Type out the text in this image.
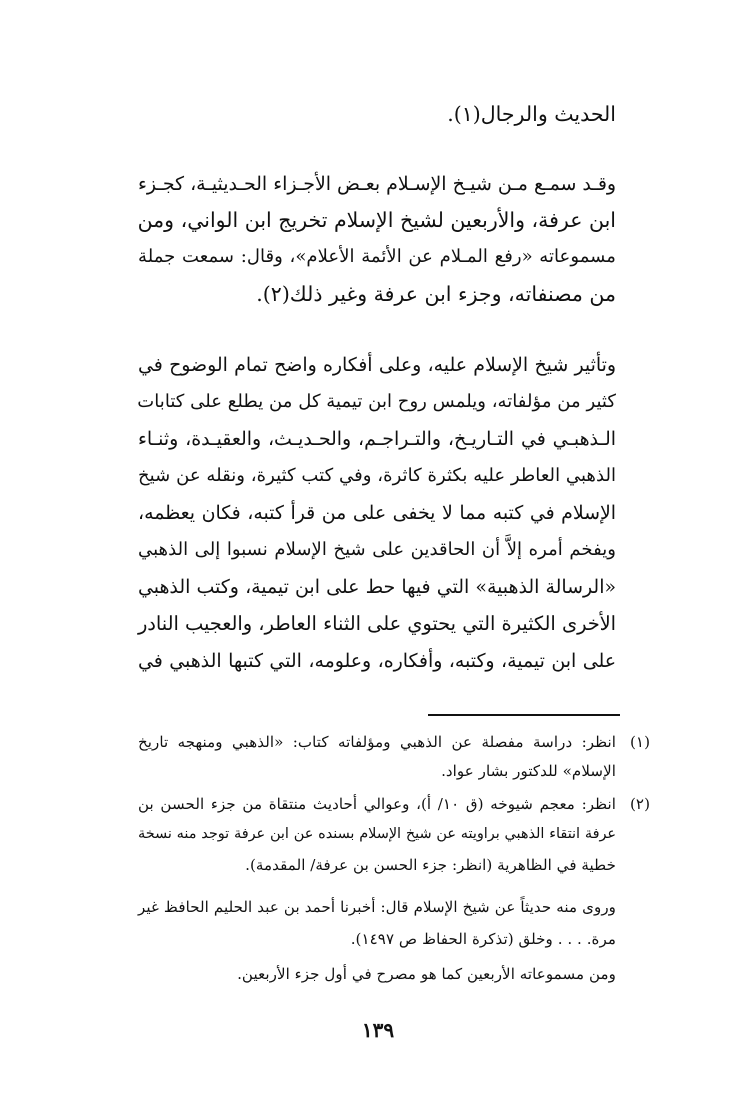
الحديث والرجال(١).
وقـد سمـع مـن شيـخ الإسـلام بعـض الأجـزاء الحـديثيـة، كجـزء
ابن عرفة، والأربعين لشيخ الإسلام تخريج ابن الواني، ومن
مسموعاته «رفع المـلام عن الأئمة الأعلام»، وقال: سمعت جملة
من مصنفاته، وجزء ابن عرفة وغير ذلك(٢).
وتأثير شيخ الإسلام عليه، وعلى أفكاره واضح تمام الوضوح في
كثير من مؤلفاته، ويلمس روح ابن تيمية كل من يطلع على كتابات
الـذهبـي في التـاريـخ، والتـراجـم، والحـديـث، والعقيـدة، وثنـاء
الذهبي العاطر عليه بكثرة كاثرة، وفي كتب كثيرة، ونقله عن شيخ
الإسلام في كتبه مما لا يخفى على من قرأ كتبه، فكان يعظمه،
ويفخم أمره إلاَّ أن الحاقدين على شيخ الإسلام نسبوا إلى الذهبي
«الرسالة الذهبية» التي فيها حط على ابن تيمية، وكتب الذهبي
الأخرى الكثيرة التي يحتوي على الثناء العاطر، والعجيب النادر
على ابن تيمية، وكتبه، وأفكاره، وعلومه، التي كتبها الذهبي في
(١)
انظر: دراسة مفصلة عن الذهبي ومؤلفاته كتاب: «الذهبي ومنهجه تاريخ
الإسلام» للدكتور بشار عواد.
(٢)
انظر: معجم شيوخه (ق ١٠/ أ)، وعوالي أحاديث منتقاة من جزء الحسن بن
عرفة انتقاء الذهبي براويته عن شيخ الإسلام بسنده عن ابن عرفة توجد منه نسخة
خطية في الظاهرية (انظر: جزء الحسن بن عرفة/ المقدمة).
وروى منه حديثاً عن شيخ الإسلام قال: أخبرنا أحمد بن عبد الحليم الحافظ غير
مرة. . . . وخلق (تذكرة الحفاظ ص ١٤٩٧).
ومن مسموعاته الأربعين كما هو مصرح في أول جزء الأربعين.
١٣٩
